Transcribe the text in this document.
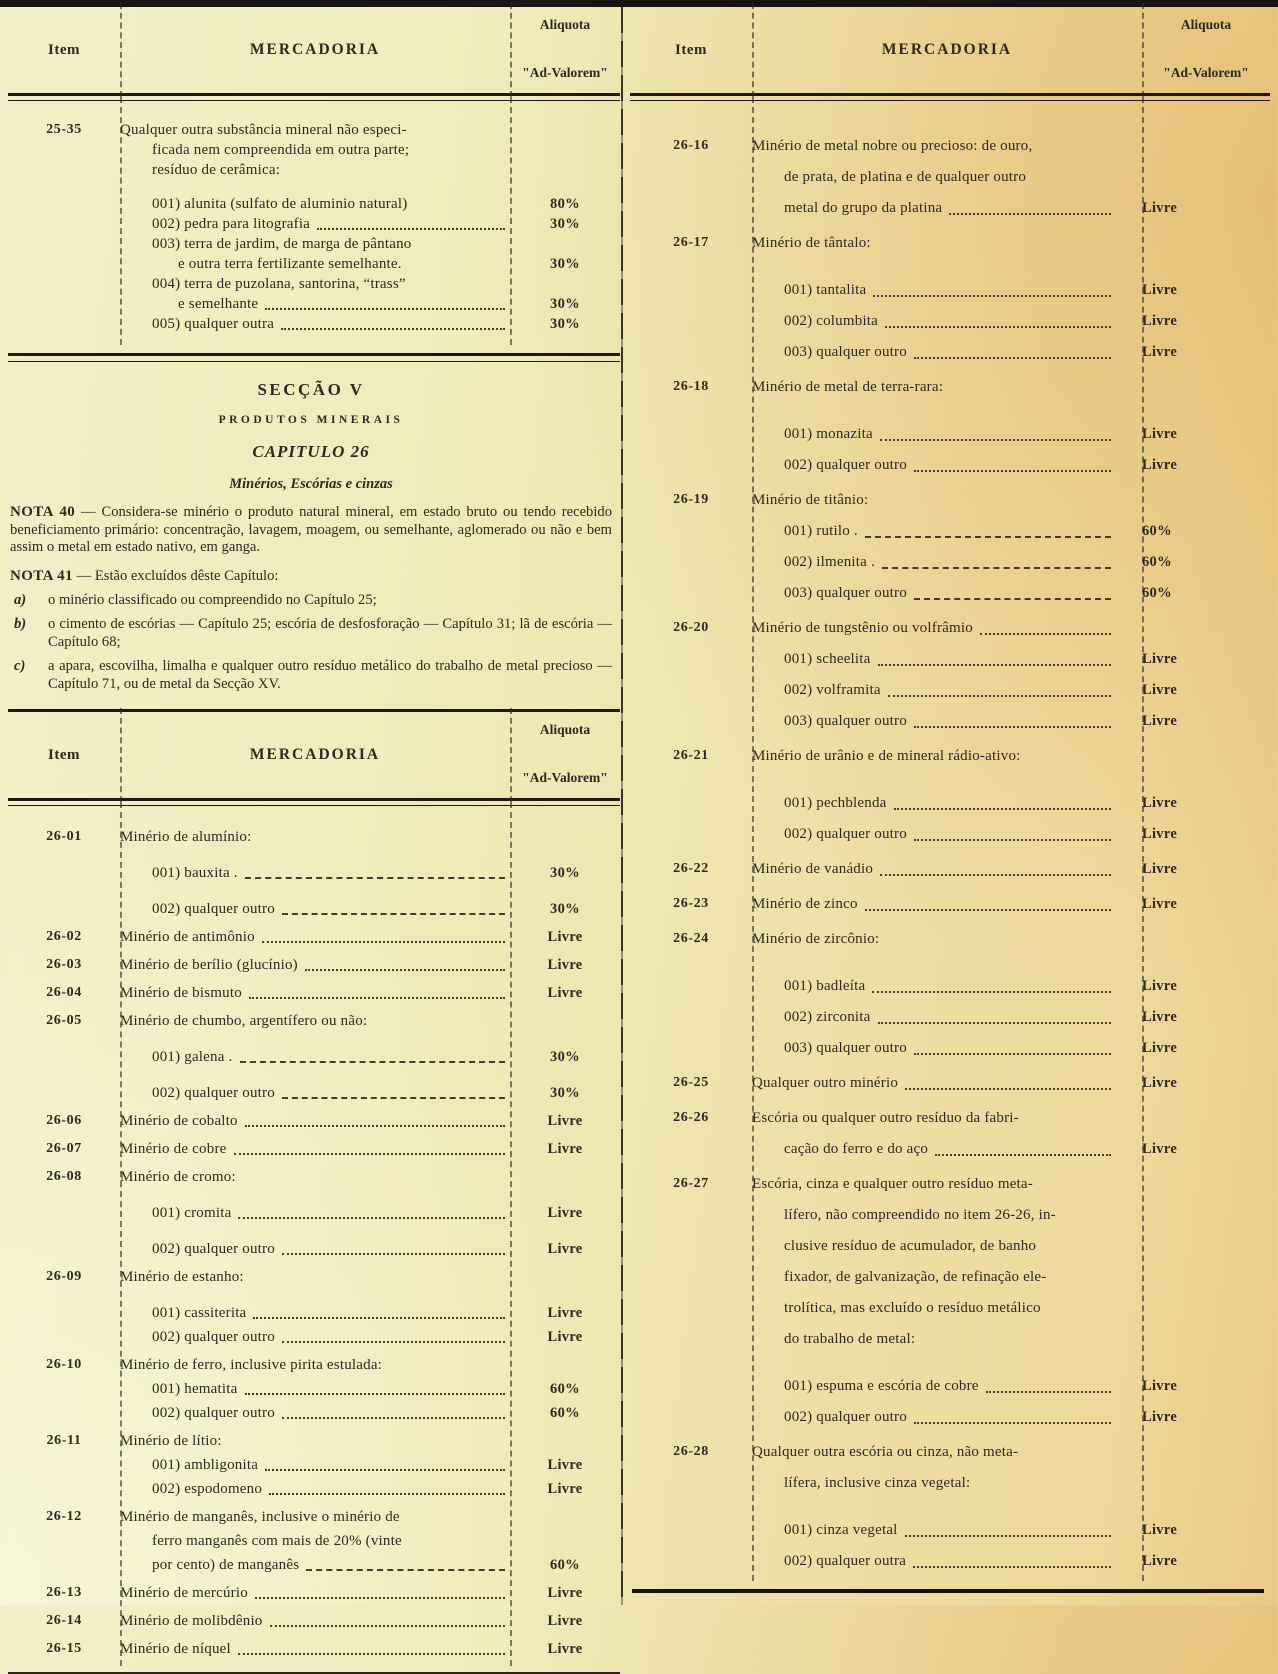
Item	MERCADORIA
Aliquota
"Ad-Valorem"
25-35	Qualquer outra substância mineral não especi-
ficada nem compreendida em outra parte;
resíduo de cerâmica:
001) alunita (sulfato de aluminio natural)	80%
002) pedra para litografia	30%
003) terra de jardim, de marga de pântano
e outra terra fertilizante semelhante.	30%
004) terra de puzolana, santorina, “trass”
e semelhante	30%
005) qualquer outra	30%
SECÇÃO V
PRODUTOS MINERAIS
CAPITULO 26
Minérios, Escórias e cinzas

NOTA 40 — Considera-se minério o produto natural mineral, em estado bruto ou tendo recebido beneficiamento primário: concentração, lavagem, moagem, ou semelhante, aglomerado ou não e bem assim o metal em estado nativo, em ganga.

NOTA 41 — Estão excluídos dêste Capítulo:

a)	o minério classificado ou compreendido no Capítulo 25;
b)	o cimento de escórias — Capítulo 25; escória de desfosforação — Capítulo 31; lã de escória — Capítulo 68;
c)	a apara, escovilha, limalha e qualquer outro resíduo metálico do trabalho de metal precioso — Capítulo 71, ou de metal da Secção XV.
Item	MERCADORIA
Aliquota
"Ad-Valorem"
26-01	Minério de alumínio:
001) bauxita .	30%
002) qualquer outro	30%
26-02	Minério de antimônio	Livre
26-03	Minério de berílio (glucínio)	Livre
26-04	Minério de bismuto	Livre
26-05	Minério de chumbo, argentífero ou não:
001) galena .	30%
002) qualquer outro	30%
26-06	Minério de cobalto	Livre
26-07	Minério de cobre	Livre
26-08	Minério de cromo:
001) cromita	Livre
002) qualquer outro	Livre
26-09	Minério de estanho:
001) cassiterita	Livre
002) qualquer outro	Livre
26-10	Minério de ferro, inclusive pirita estulada:
001) hematita	60%
002) qualquer outro	60%
26-11	Minério de lítio:
001) ambligonita	Livre
002) espodomeno	Livre
26-12	Minério de manganês, inclusive o minério de
ferro manganês com mais de 20% (vinte
por cento) de manganês	60%
26-13	Minério de mercúrio	Livre
26-14	Minério de molibdênio	Livre
26-15	Minério de níquel	Livre
Item	MERCADORIA
Aliquota
"Ad-Valorem"
26-16	Minério de metal nobre ou precioso: de ouro,
de prata, de platina e de qualquer outro
metal do grupo da platina	Livre
26-17	Minério de tântalo:
001) tantalita	Livre
002) columbita	Livre
003) qualquer outro	Livre
26-18	Minério de metal de terra-rara:
001) monazita	Livre
002) qualquer outro	Livre
26-19	Minério de titânio:
001) rutilo .	60%
002) ilmenita .	60%
003) qualquer outro	60%
26-20	Minério de tungstênio ou volfrâmio
001) scheelita	Livre
002) volframita	Livre
003) qualquer outro	Livre
26-21	Minério de urânio e de mineral rádio-ativo:
001) pechblenda	Livre
002) qualquer outro	Livre
26-22	Minério de vanádio	Livre
26-23	Minério de zinco	Livre
26-24	Minério de zircônio:
001) badleíta	Livre
002) zirconita	Livre
003) qualquer outro	Livre
26-25	Qualquer outro minério	Livre
26-26	Escória ou qualquer outro resíduo da fabri-
cação do ferro e do aço	Livre
26-27	Escória, cinza e qualquer outro resíduo meta-
lífero, não compreendido no item 26-26, in-
clusive resíduo de acumulador, de banho
fixador, de galvanização, de refinação ele-
trolítica, mas excluído o resíduo metálico
do trabalho de metal:
001) espuma e escória de cobre	Livre
002) qualquer outro	Livre
26-28	Qualquer outra escória ou cinza, não meta-
lífera, inclusive cinza vegetal:
001) cinza vegetal	Livre
002) qualquer outra	Livre
